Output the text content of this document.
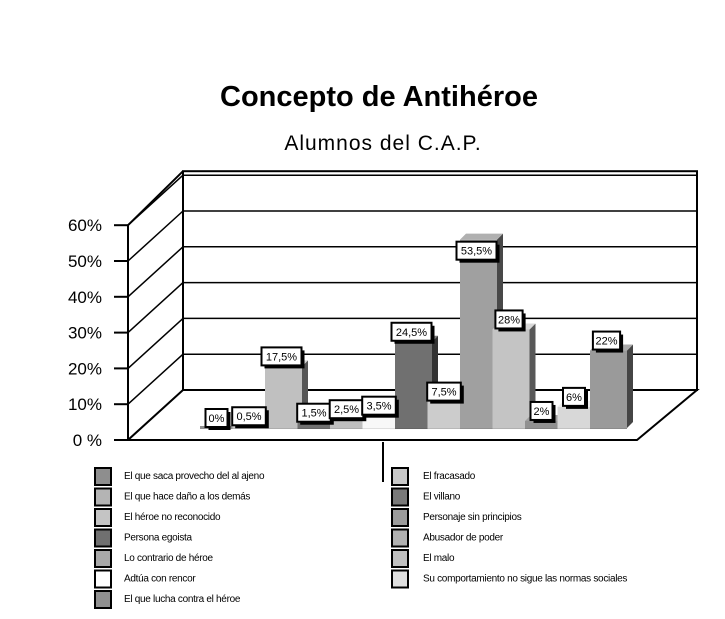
Concepto de Antihéroe
Alumnos del C.A.P.
0 %
10%
20%
30%
40%
50%
60%
0% 0,5%
17,5%
1,5% 2,5% 3,5%
24,5%
7,5%
53,5%
28%
2%
6%
22%
El que saca provecho del al ajeno
El que hace daño a los demás
El héroe no reconocido
Persona egoista
Lo contrario de héroe
Adtúa con rencor
El que lucha contra el héroe
El fracasado
El villano
Personaje sin principios
Abusador de poder
El malo
Su comportamiento no sigue las normas sociales
